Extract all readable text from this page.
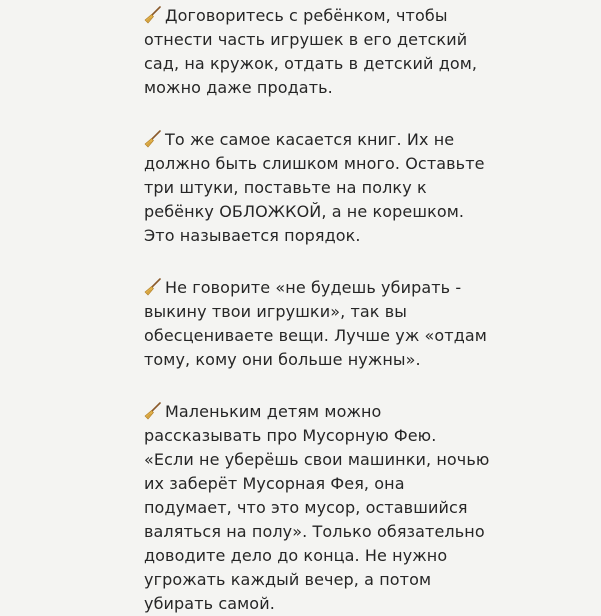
Договоритесь с ребёнком, чтобы
отнести часть игрушек в его детский
сад, на кружок, отдать в детский дом,
можно даже продать.
То же самое касается книг. Их не
должно быть слишком много. Оставьте
три штуки, поставьте на полку к
ребёнку ОБЛОЖКОЙ, а не корешком.
Это называется порядок.
Не говорите «не будешь убирать -
выкину твои игрушки», так вы
обесцениваете вещи. Лучше уж «отдам
тому, кому они больше нужны».
Маленьким детям можно
рассказывать про Мусорную Фею.
«Если не уберёшь свои машинки, ночью
их заберёт Мусорная Фея, она
подумает, что это мусор, оставшийся
валяться на полу». Только обязательно
доводите дело до конца. Не нужно
угрожать каждый вечер, а потом
убирать самой.
